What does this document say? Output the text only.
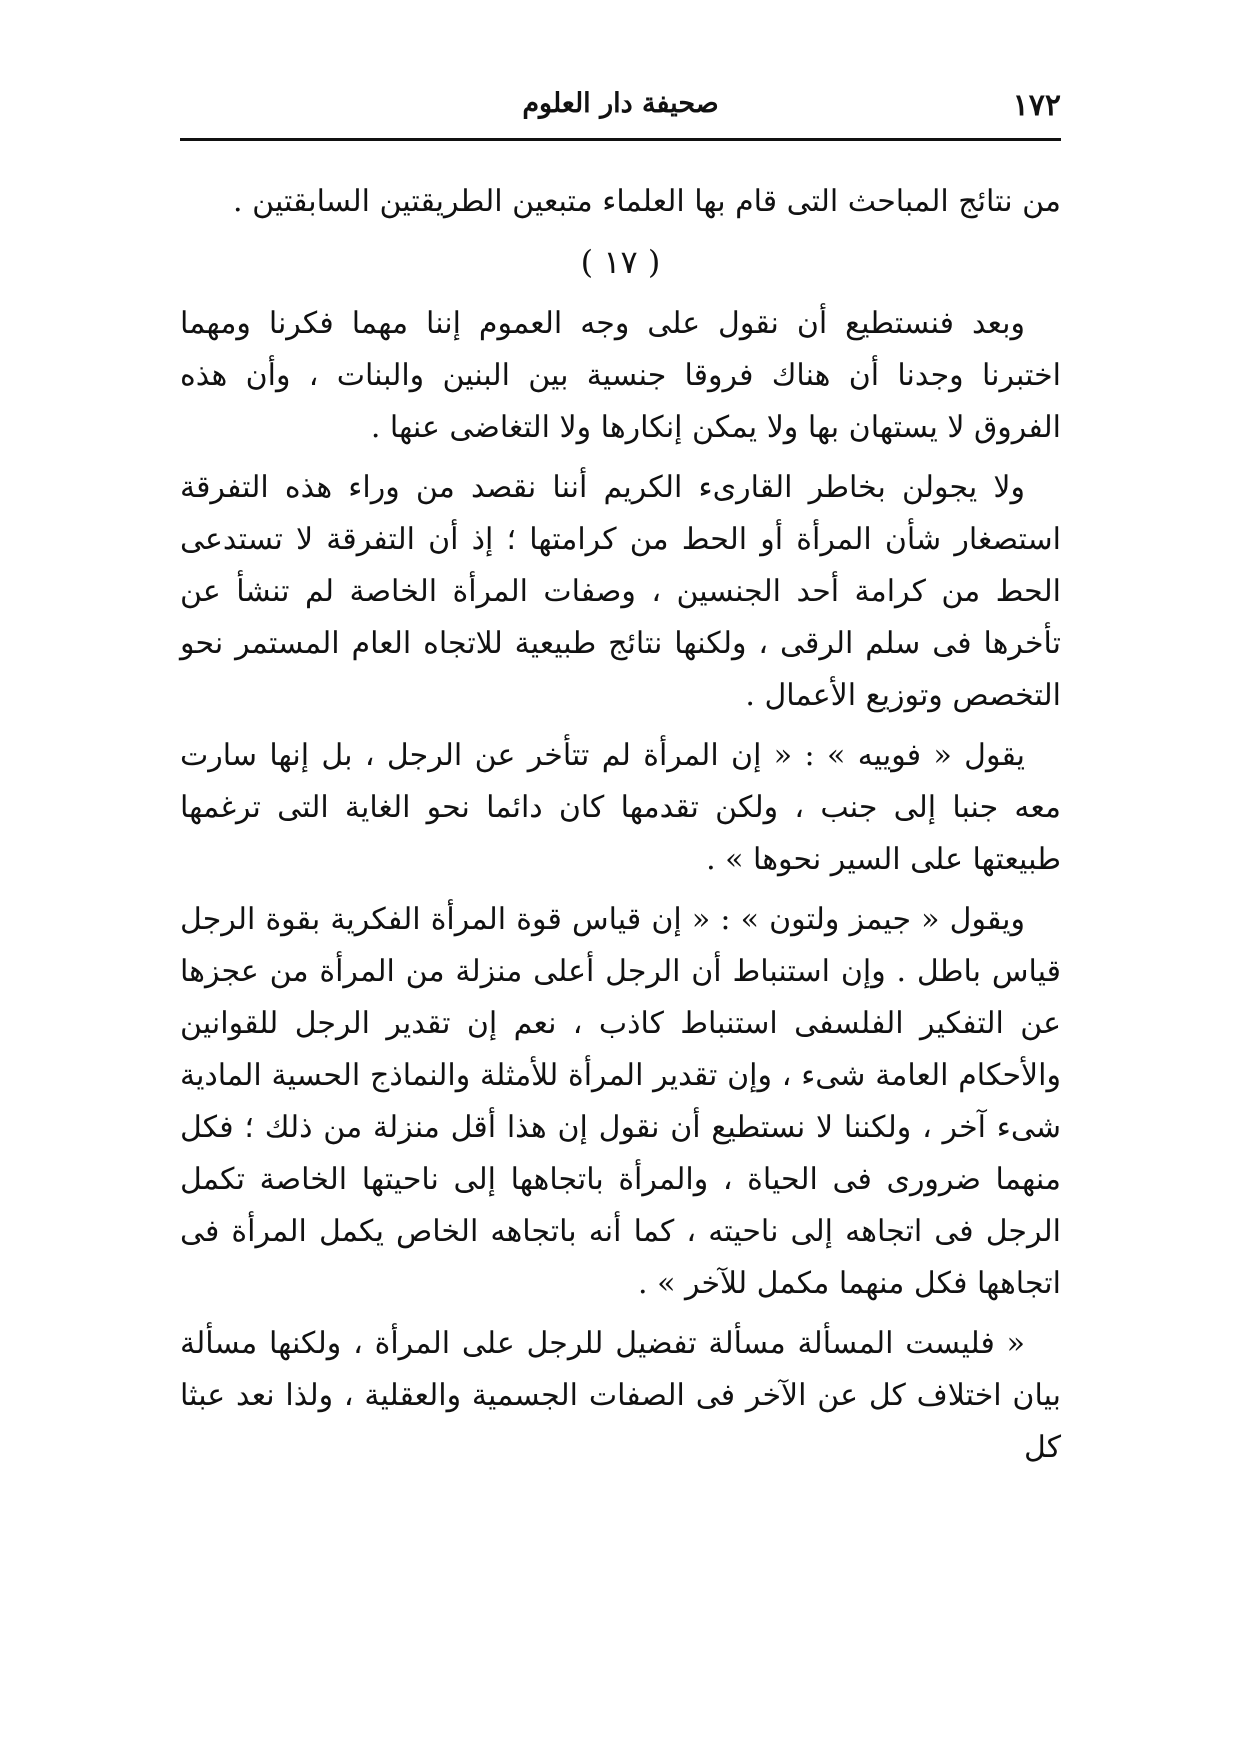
١٧٢
صحيفة دار العلوم

من نتائج المباحث التى قام بها العلماء متبعين الطريقتين السابقتين .

( ١٧ )

وبعد فنستطيع أن نقول على وجه العموم إننا مهما فكرنا ومهما اختبرنا وجدنا أن هناك فروقا جنسية بين البنين والبنات ، وأن هذه الفروق لا يستهان بها ولا يمكن إنكارها ولا التغاضى عنها .

ولا يجولن بخاطر القارىء الكريم أننا نقصد من وراء هذه التفرقة استصغار شأن المرأة أو الحط من كرامتها ؛ إذ أن التفرقة لا تستدعى الحط من كرامة أحد الجنسين ، وصفات المرأة الخاصة لم تنشأ عن تأخرها فى سلم الرقى ، ولكنها نتائج طبيعية للاتجاه العام المستمر نحو التخصص وتوزيع الأعمال .

يقول « فوييه » : « إن المرأة لم تتأخر عن الرجل ، بل إنها سارت معه جنبا إلى جنب ، ولكن تقدمها كان دائما نحو الغاية التى ترغمها طبيعتها على السير نحوها » .

ويقول « جيمز ولتون » : « إن قياس قوة المرأة الفكرية بقوة الرجل قياس باطل . وإن استنباط أن الرجل أعلى منزلة من المرأة من عجزها عن التفكير الفلسفى استنباط كاذب ، نعم إن تقدير الرجل للقوانين والأحكام العامة شىء ، وإن تقدير المرأة للأمثلة والنماذج الحسية المادية شىء آخر ، ولكننا لا نستطيع أن نقول إن هذا أقل منزلة من ذلك ؛ فكل منهما ضرورى فى الحياة ، والمرأة باتجاهها إلى ناحيتها الخاصة تكمل الرجل فى اتجاهه إلى ناحيته ، كما أنه باتجاهه الخاص يكمل المرأة فى اتجاهها فكل منهما مكمل للآخر » .

« فليست المسألة مسألة تفضيل للرجل على المرأة ، ولكنها مسألة بيان اختلاف كل عن الآخر فى الصفات الجسمية والعقلية ، ولذا نعد عبثا كل
